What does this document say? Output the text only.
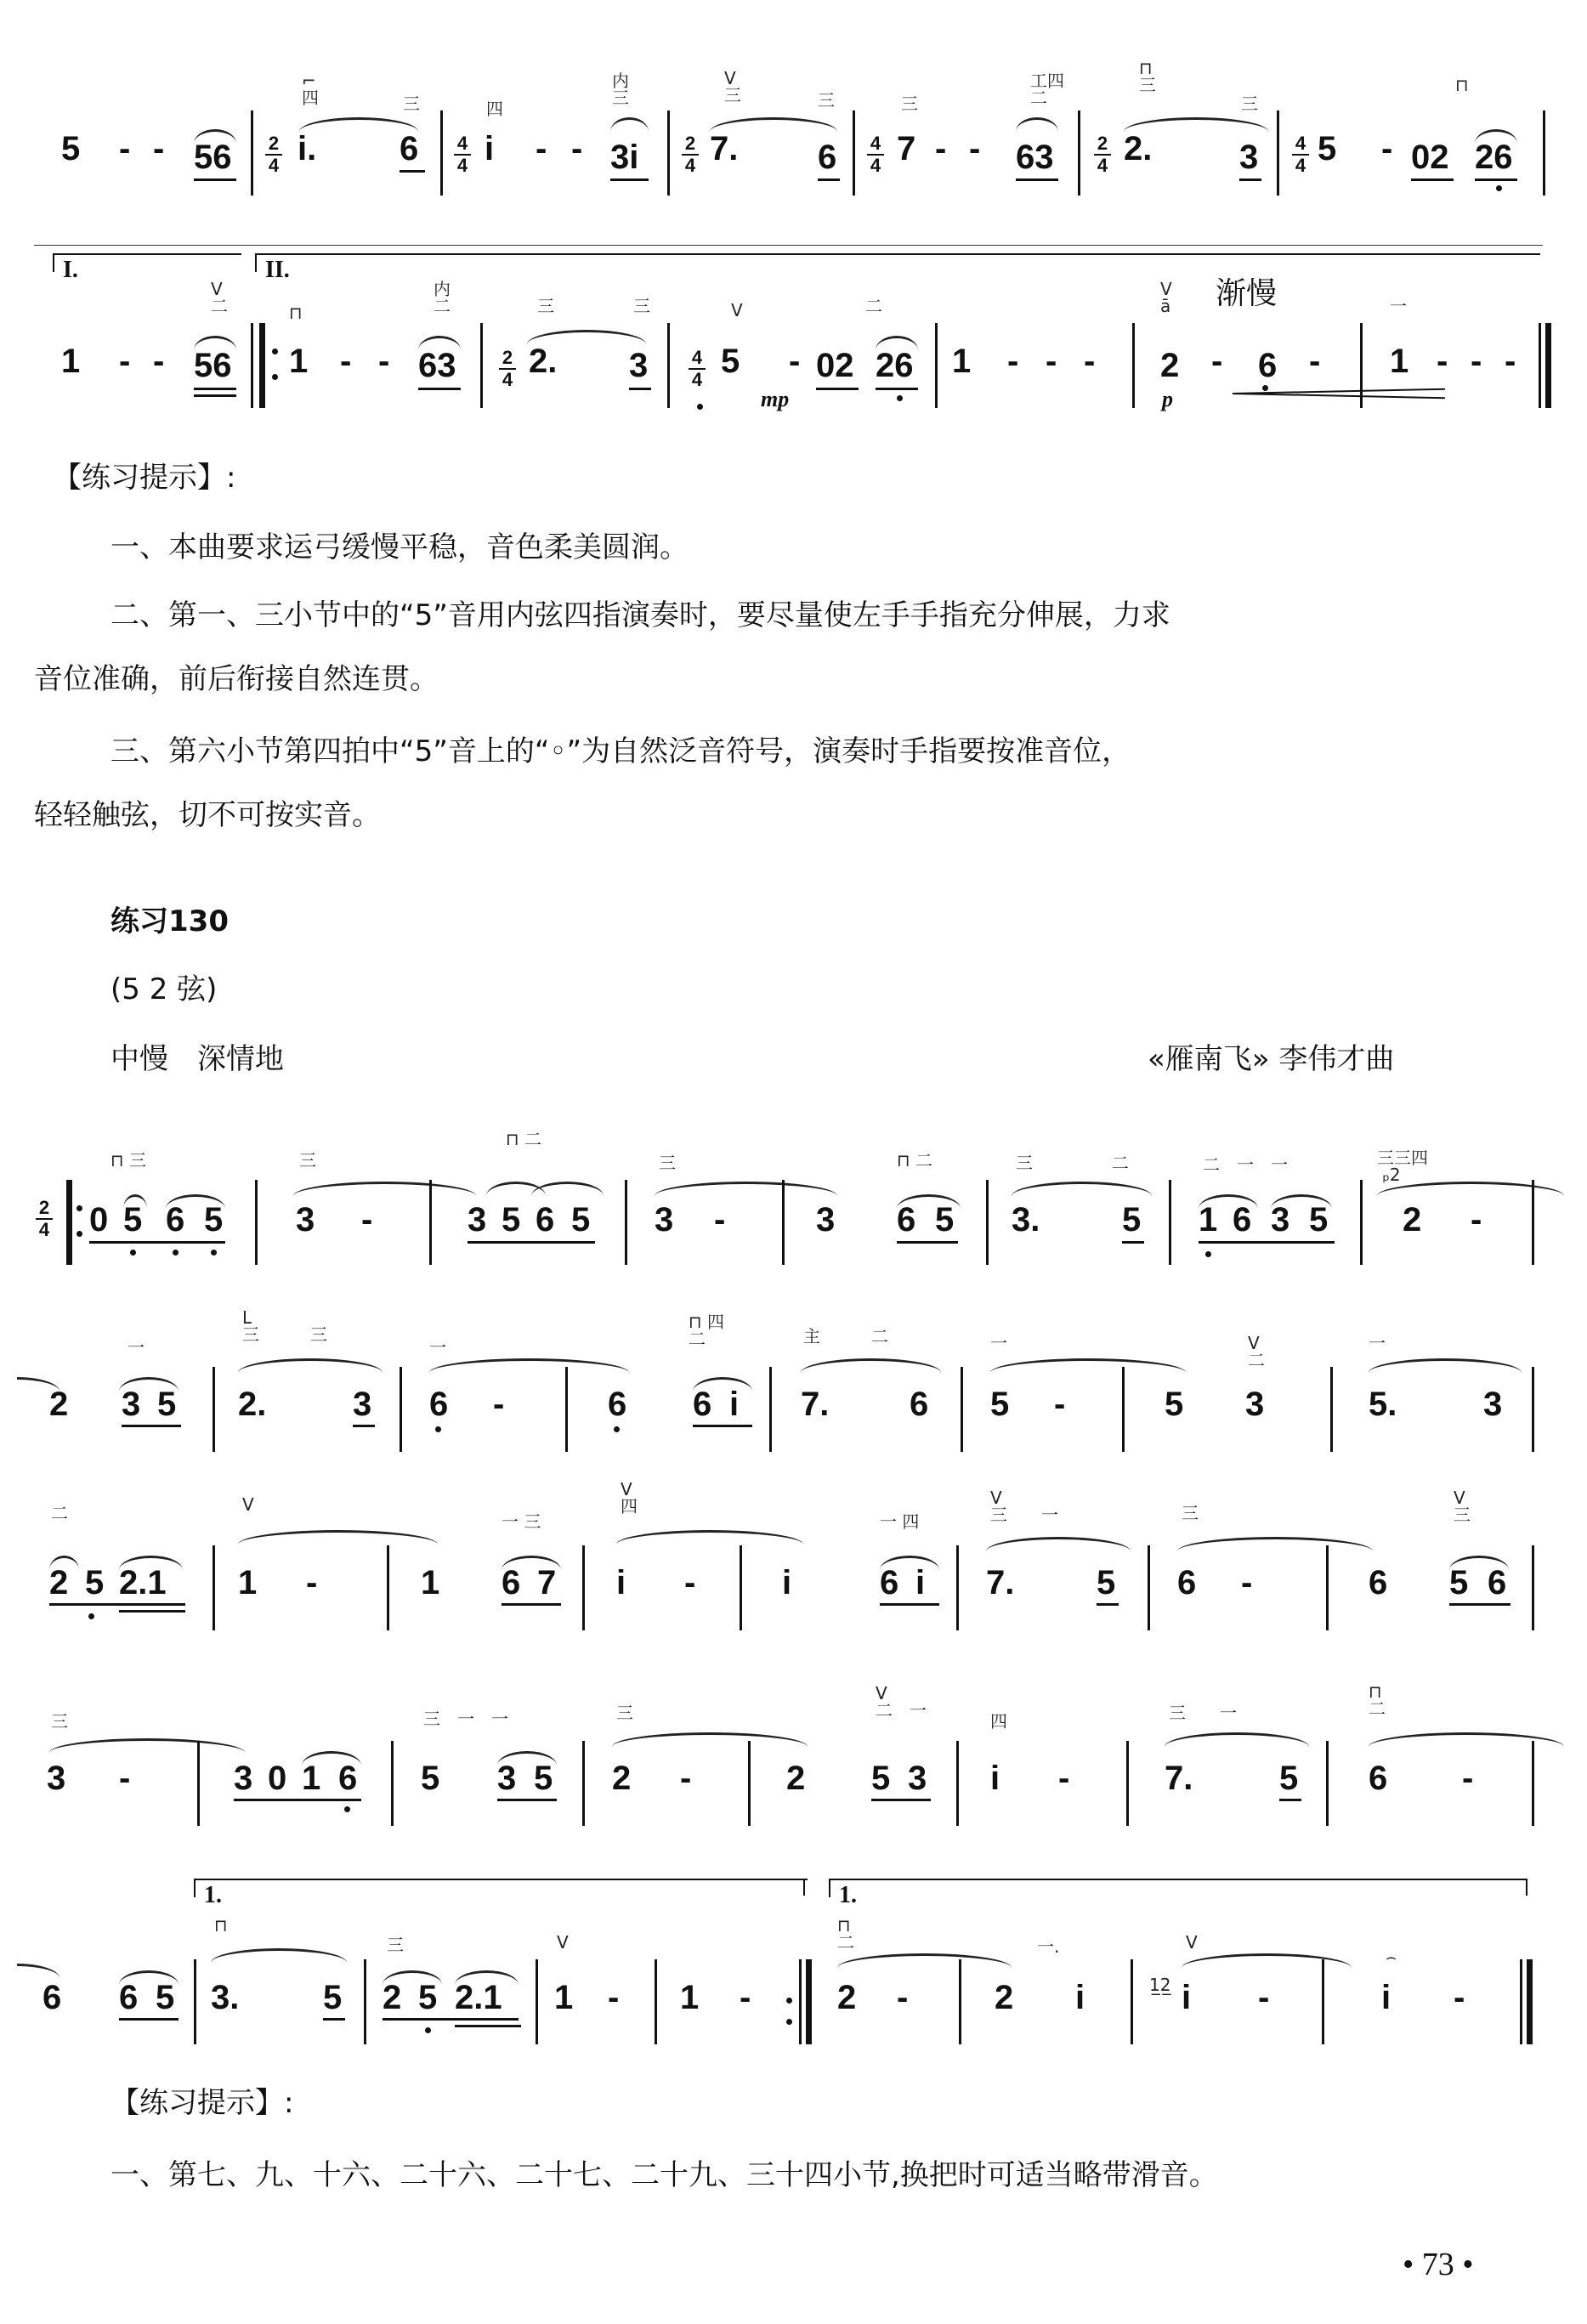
5 - - 56 2
4
⌐
四
i.
三
6 4
4
四
i - -
内
三
3i 2
4
V
三
7.
三
6 4
4
三
7 - -
工四
二
63 2
4
⊓
三
2.
三
3 4
4 5 - 02
⊓
26
I.	II.
1 - -
V
二
56
⊓
1 - -
内
二
63 2
4
三
2.
三
3 4
4
V
5
mp
- 02
二
26 1 - - -
V
ā 渐慢
2
p
- 6 -
一
1 - - -
【练习提示】:
一、本曲要求运弓缓慢平稳，音色柔美圆润。
二、第一、三小节中的“5”音用内弦四指演奏时，要尽量使左手手指充分伸展，力求
音位准确，前后衔接自然连贯。
三、第六小节第四拍中“5”音上的“◦”为自然泛音符号，演奏时手指要按准音位，
轻轻触弦，切不可按实音。
练习130
(5 2 弦)
中慢　深情地	«雁南飞» 李伟才曲
2
4
⊓ 三
0 5 6 5
三
3 -
⊓ 二
3 5 6 5
三
3 -	3
⊓ 二
6 5
三 　　　　 二
3. 5
二　一　一
1 6 3 5
三三四
ₚ2
2 -
2
一
3 5
L
三　　　三
2.	3
一
6 -	6
⊓ 四
二
6 i
主　　　二
7. 6
一
5 -	5
V
二
3
一
5.	3
二
2 5 2.1
V
1 -	1
一 三
6 7
V
四
i -	i
一 四
6 i
V
三　　一
7. 5
三
6 -	6
V
三
5 6
三
3 -	3 0 1 6
三　一　一
5 3 5
三
2 -	2
V
二　一
5 3
四
i -
三　　一
7.	5
⊓
二
6 -
1.	1.
6 6 5
⊓
3. 5
三
2 5 2.1
V
1 - 1 -
⊓
二
2 -	2
一.
i
V
1̲2̲ i -
⌢
i -
【练习提示】:
一、第七、九、十六、二十六、二十七、二十九、三十四小节,换把时可适当略带滑音。
• 73 •
